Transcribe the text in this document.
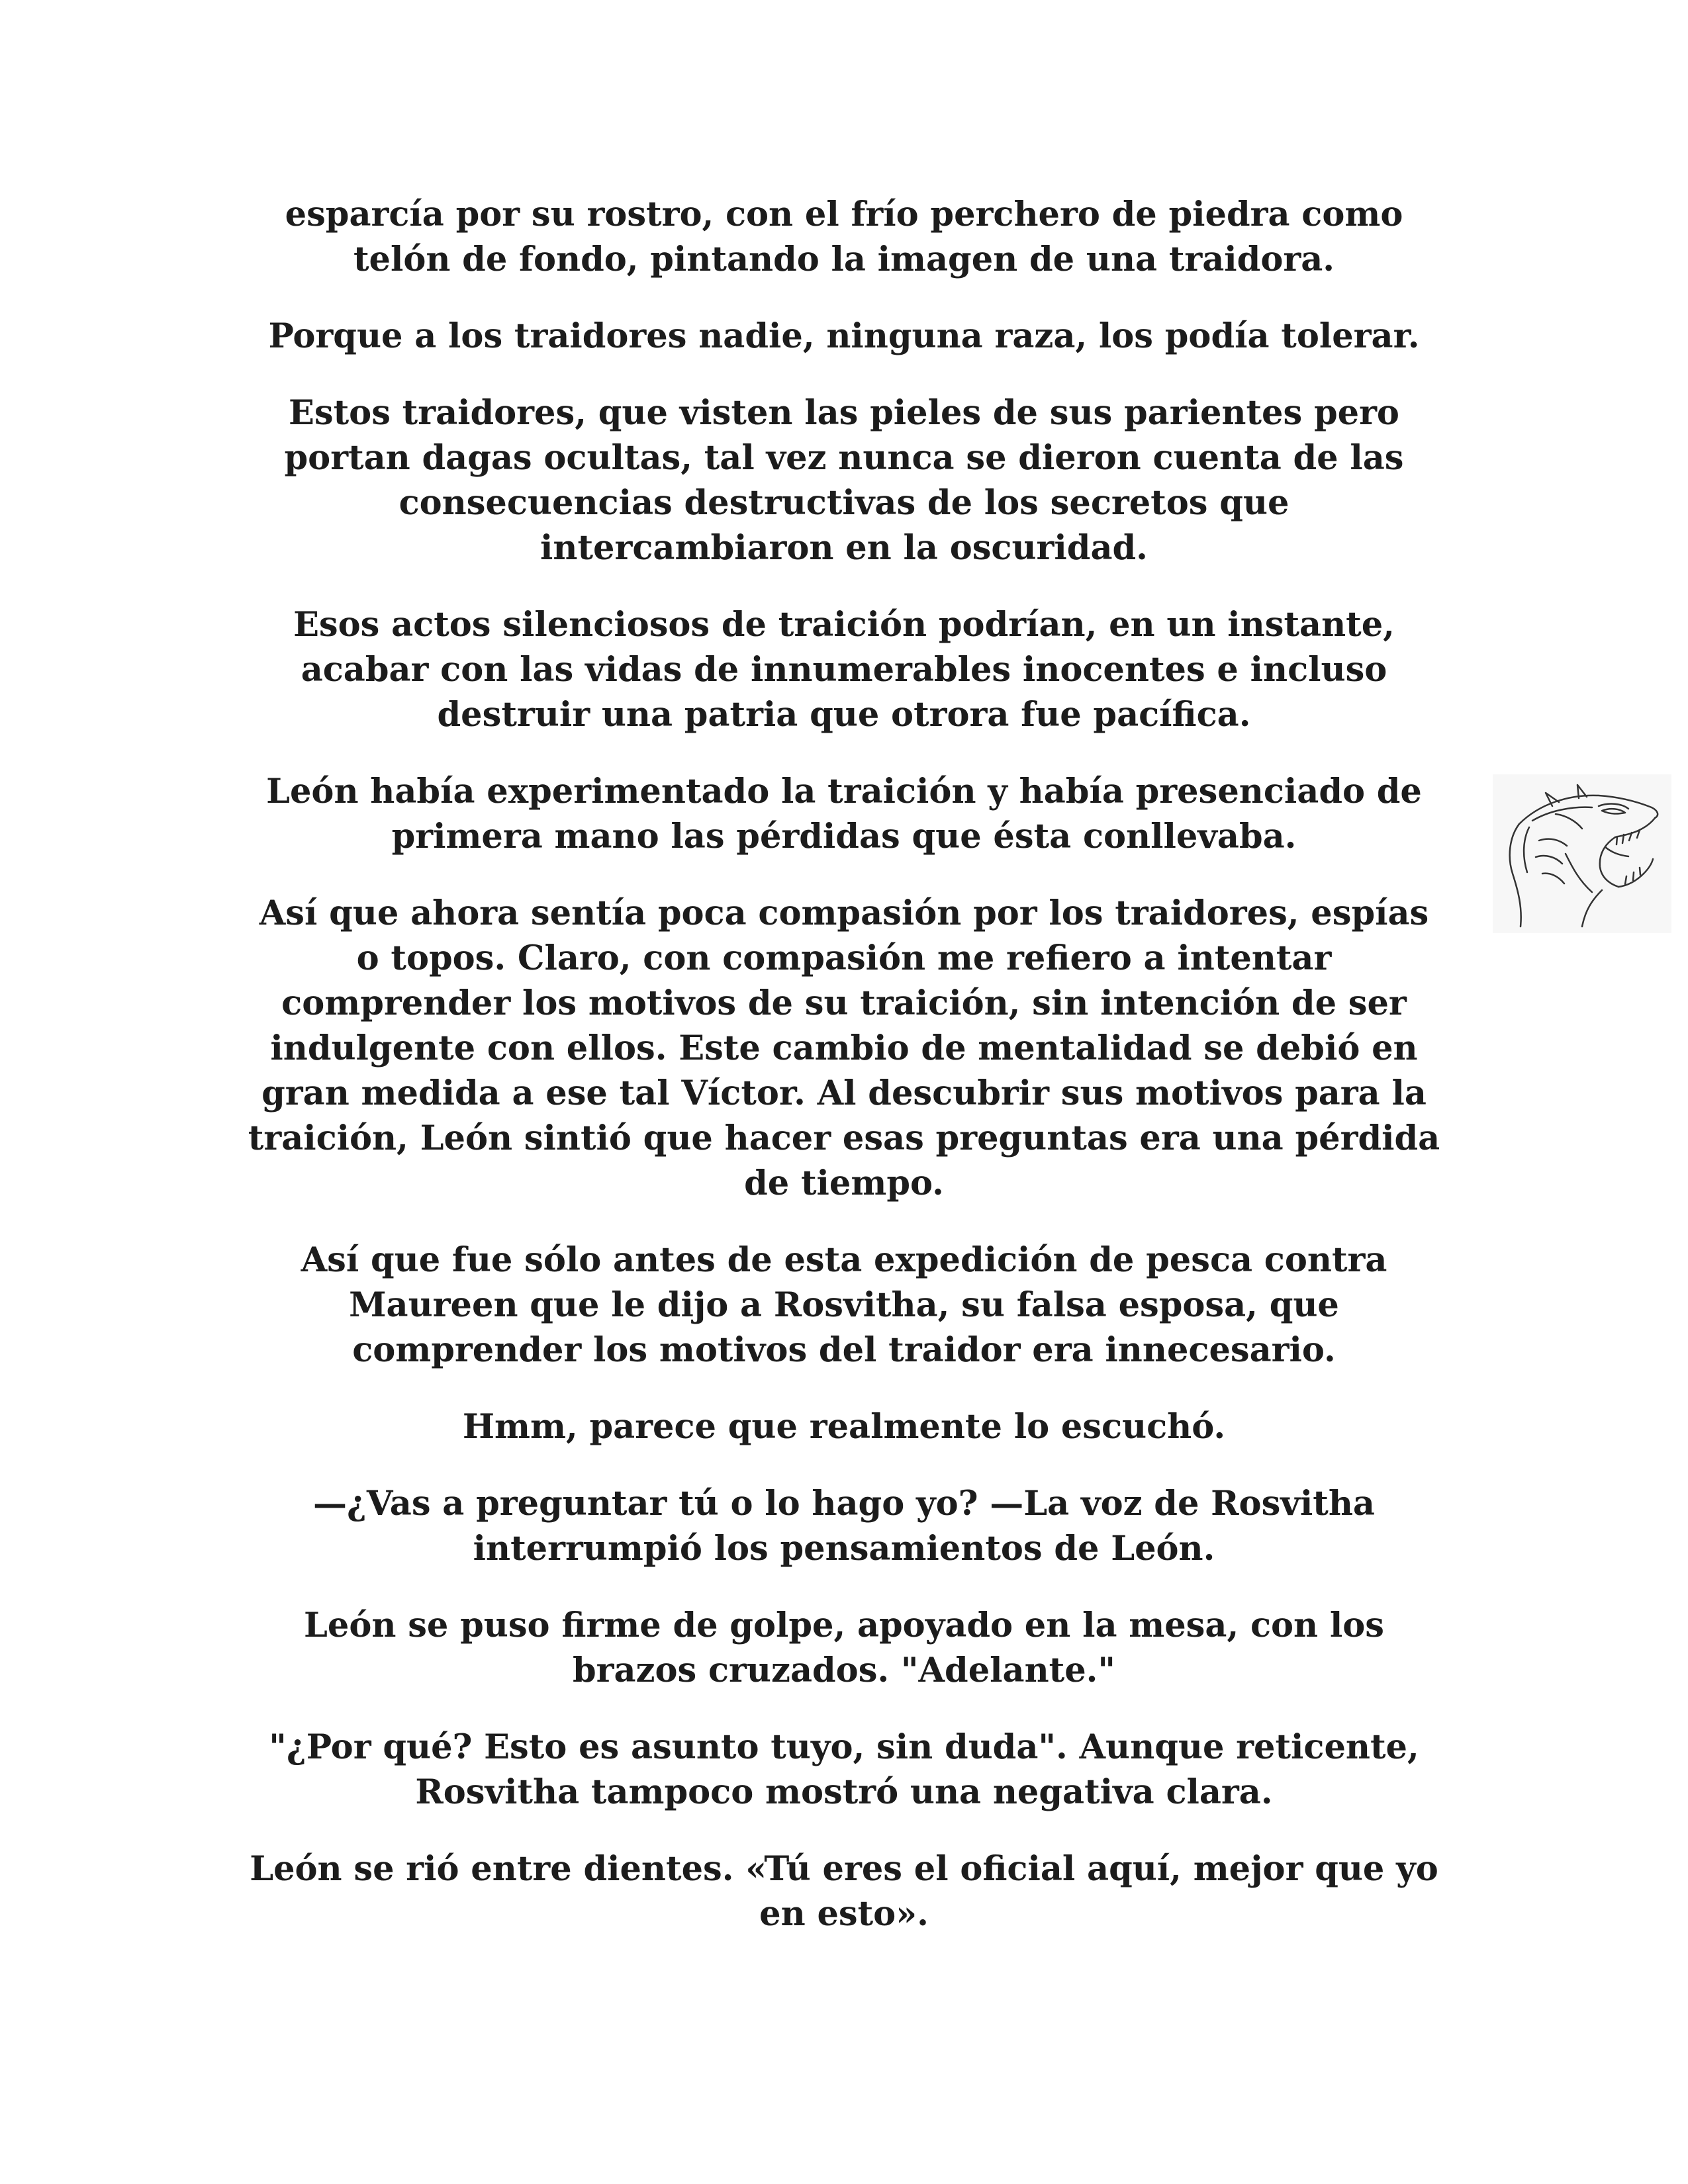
esparcía por su rostro, con el frío perchero de piedra como
telón de fondo, pintando la imagen de una traidora.

Porque a los traidores nadie, ninguna raza, los podía tolerar.

Estos traidores, que visten las pieles de sus parientes pero
portan dagas ocultas, tal vez nunca se dieron cuenta de las
consecuencias destructivas de los secretos que
intercambiaron en la oscuridad.

Esos actos silenciosos de traición podrían, en un instante,
acabar con las vidas de innumerables inocentes e incluso
destruir una patria que otrora fue pacífica.

León había experimentado la traición y había presenciado de
primera mano las pérdidas que ésta conllevaba.

Así que ahora sentía poca compasión por los traidores, espías
o topos. Claro, con compasión me refiero a intentar
comprender los motivos de su traición, sin intención de ser
indulgente con ellos. Este cambio de mentalidad se debió en
gran medida a ese tal Víctor. Al descubrir sus motivos para la
traición, León sintió que hacer esas preguntas era una pérdida
de tiempo.

Así que fue sólo antes de esta expedición de pesca contra
Maureen que le dijo a Rosvitha, su falsa esposa, que
comprender los motivos del traidor era innecesario.

Hmm, parece que realmente lo escuchó.

—¿Vas a preguntar tú o lo hago yo? —La voz de Rosvitha
interrumpió los pensamientos de León.

León se puso firme de golpe, apoyado en la mesa, con los
brazos cruzados. "Adelante."

"¿Por qué? Esto es asunto tuyo, sin duda". Aunque reticente,
Rosvitha tampoco mostró una negativa clara.

León se rió entre dientes. «Tú eres el oficial aquí, mejor que yo
en esto».
